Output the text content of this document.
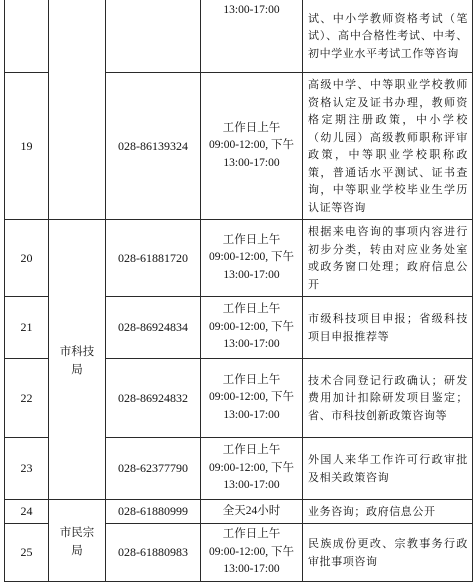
			13:00-17:00	试、中小学教师资格考试（笔试）、高中合格性考试、中考、初中学业水平考试工作等咨询
19		028-86139324	工作日上午
09:00-12:00, 下午
13:00-17:00	高级中学、中等职业学校教师资格认定及证书办理，教师资格定期注册政策，中小学校（幼儿园）高级教师职称评审政策，中等职业学校职称政策，普通话水平测试、证书查询，中等职业学校毕业生学历认证等咨询
20	市科技局	028-61881720	工作日上午
09:00-12:00, 下午
13:00-17:00	根据来电咨询的事项内容进行初步分类，转由对应业务处室或政务窗口处理；政府信息公开
21		028-86924834	工作日上午
09:00-12:00, 下午
13:00-17:00	市级科技项目申报；省级科技项目申报推荐等
22		028-86924832	工作日上午
09:00-12:00, 下午
13:00-17:00	技术合同登记行政确认；研发费用加计扣除研发项目鉴定；省、市科技创新政策咨询等
23		028-62377790	工作日上午
09:00-12:00, 下午
13:00-17:00	外国人来华工作许可行政审批及相关政策咨询
24	市民宗局	028-61880999	全天24小时	业务咨询；政府信息公开
25		028-61880983	工作日上午
09:00-12:00, 下午
13:00-17:00	民族成份更改、宗教事务行政审批事项咨询
